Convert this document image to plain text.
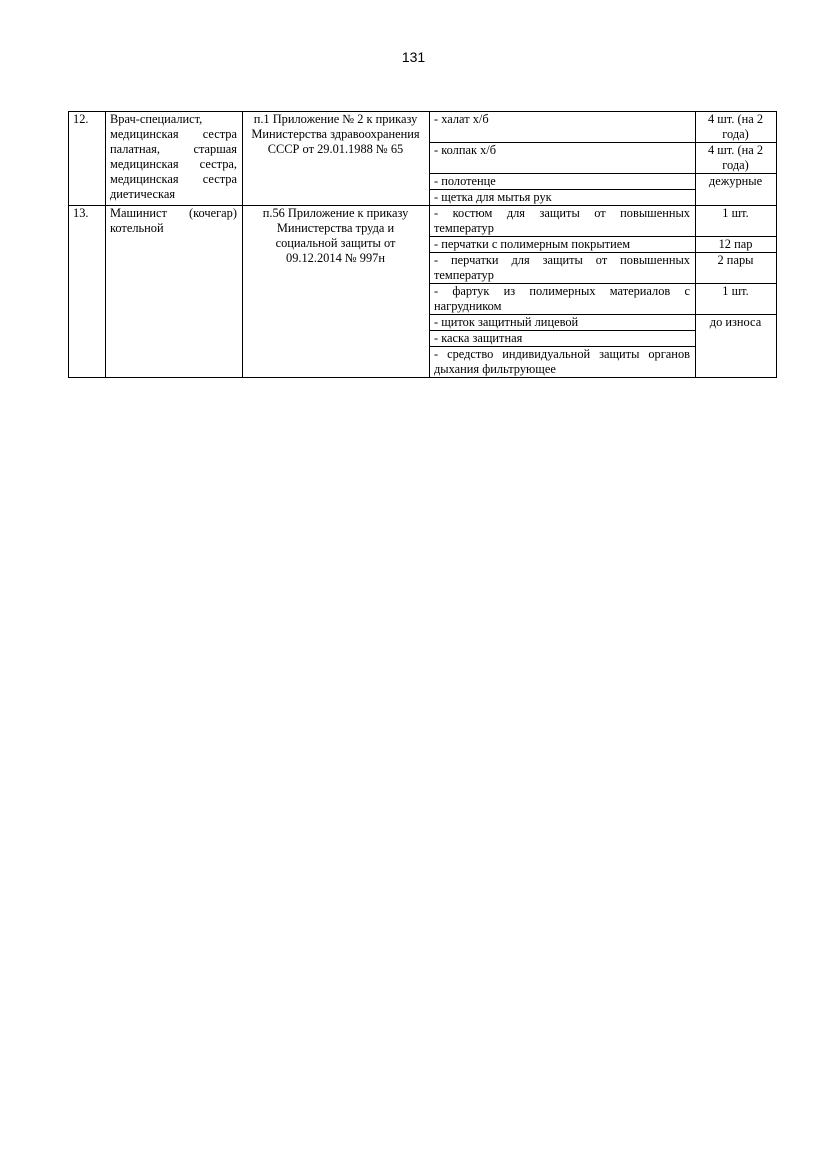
131
12.	Врач-специалист, медицинская сестра палатная, старшая медицинская сестра, медицинская сестра диетическая	п.1 Приложение № 2 к приказу Министерства здравоохранения СССР от 29.01.1988 № 65	- халат х/б	4 шт. (на 2 года)
			- колпак х/б	4 шт. (на 2 года)
			- полотенце	дежурные
			- щетка для мытья рук	
13.	Машинист (кочегар) котельной	п.56 Приложение к приказу Министерства труда и социальной защиты от 09.12.2014 № 997н	- костюм для защиты от повышенных температур	1 шт.
			- перчатки с полимерным покрытием	12 пар
			- перчатки для защиты от повышенных температур	2 пары
			- фартук из полимерных материалов с нагрудником	1 шт.
			- щиток защитный лицевой	до износа
			- каска защитная	
			- средство индивидуальной защиты органов дыхания фильтрующее	
